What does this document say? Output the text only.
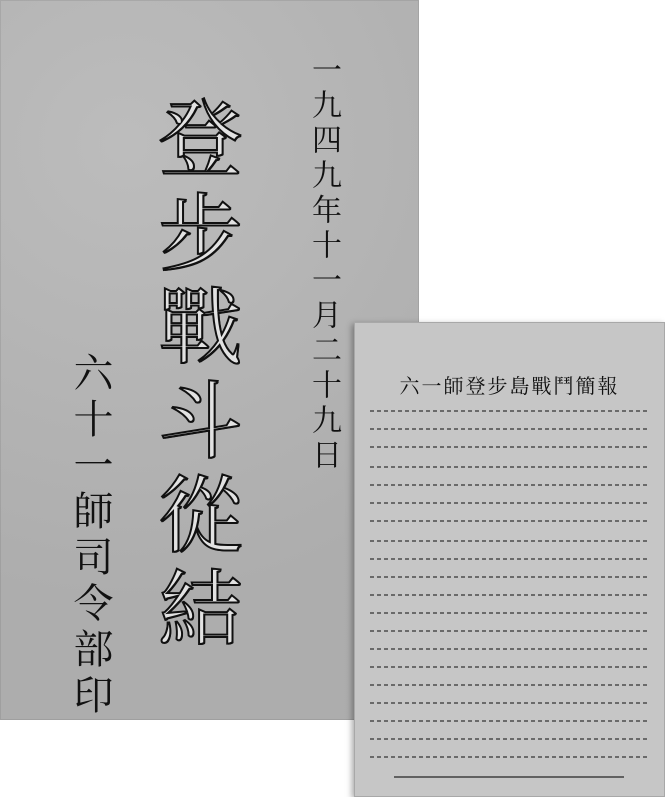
一九四九年十一月二十九日
登步戰斗從結
六十一師司令部印	六一師登步島戰鬥簡報
